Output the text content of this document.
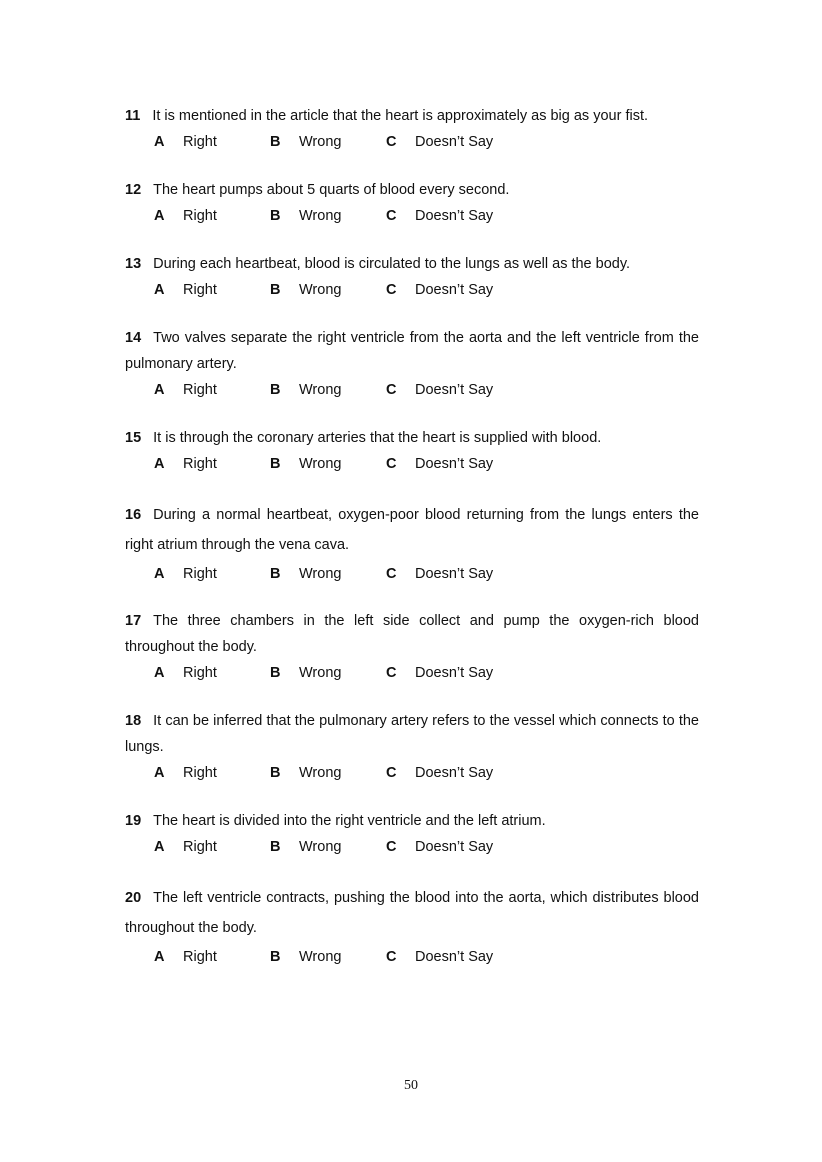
11 It is mentioned in the article that the heart is approximately as big as your fist.

A	Right	B	Wrong	C	Doesn’t Say

12 The heart pumps about 5 quarts of blood every second.

A	Right	B	Wrong	C	Doesn’t Say

13 During each heartbeat, blood is circulated to the lungs as well as the body.

A	Right	B	Wrong	C	Doesn’t Say

14 Two valves separate the right ventricle from the aorta and the left ventricle from the pulmonary artery.

A	Right	B	Wrong	C	Doesn’t Say

15 It is through the coronary arteries that the heart is supplied with blood.

A	Right	B	Wrong	C	Doesn’t Say

16 During a normal heartbeat, oxygen-poor blood returning from the lungs enters the right atrium through the vena cava.

A	Right	B	Wrong	C	Doesn’t Say

17 The three chambers in the left side collect and pump the oxygen-rich blood throughout the body.

A	Right	B	Wrong	C	Doesn’t Say

18 It can be inferred that the pulmonary artery refers to the vessel which connects to the lungs.

A	Right	B	Wrong	C	Doesn’t Say

19 The heart is divided into the right ventricle and the left atrium.

A	Right	B	Wrong	C	Doesn’t Say

20 The left ventricle contracts, pushing the blood into the aorta, which distributes blood throughout the body.

A	Right	B	Wrong	C	Doesn’t Say
50
